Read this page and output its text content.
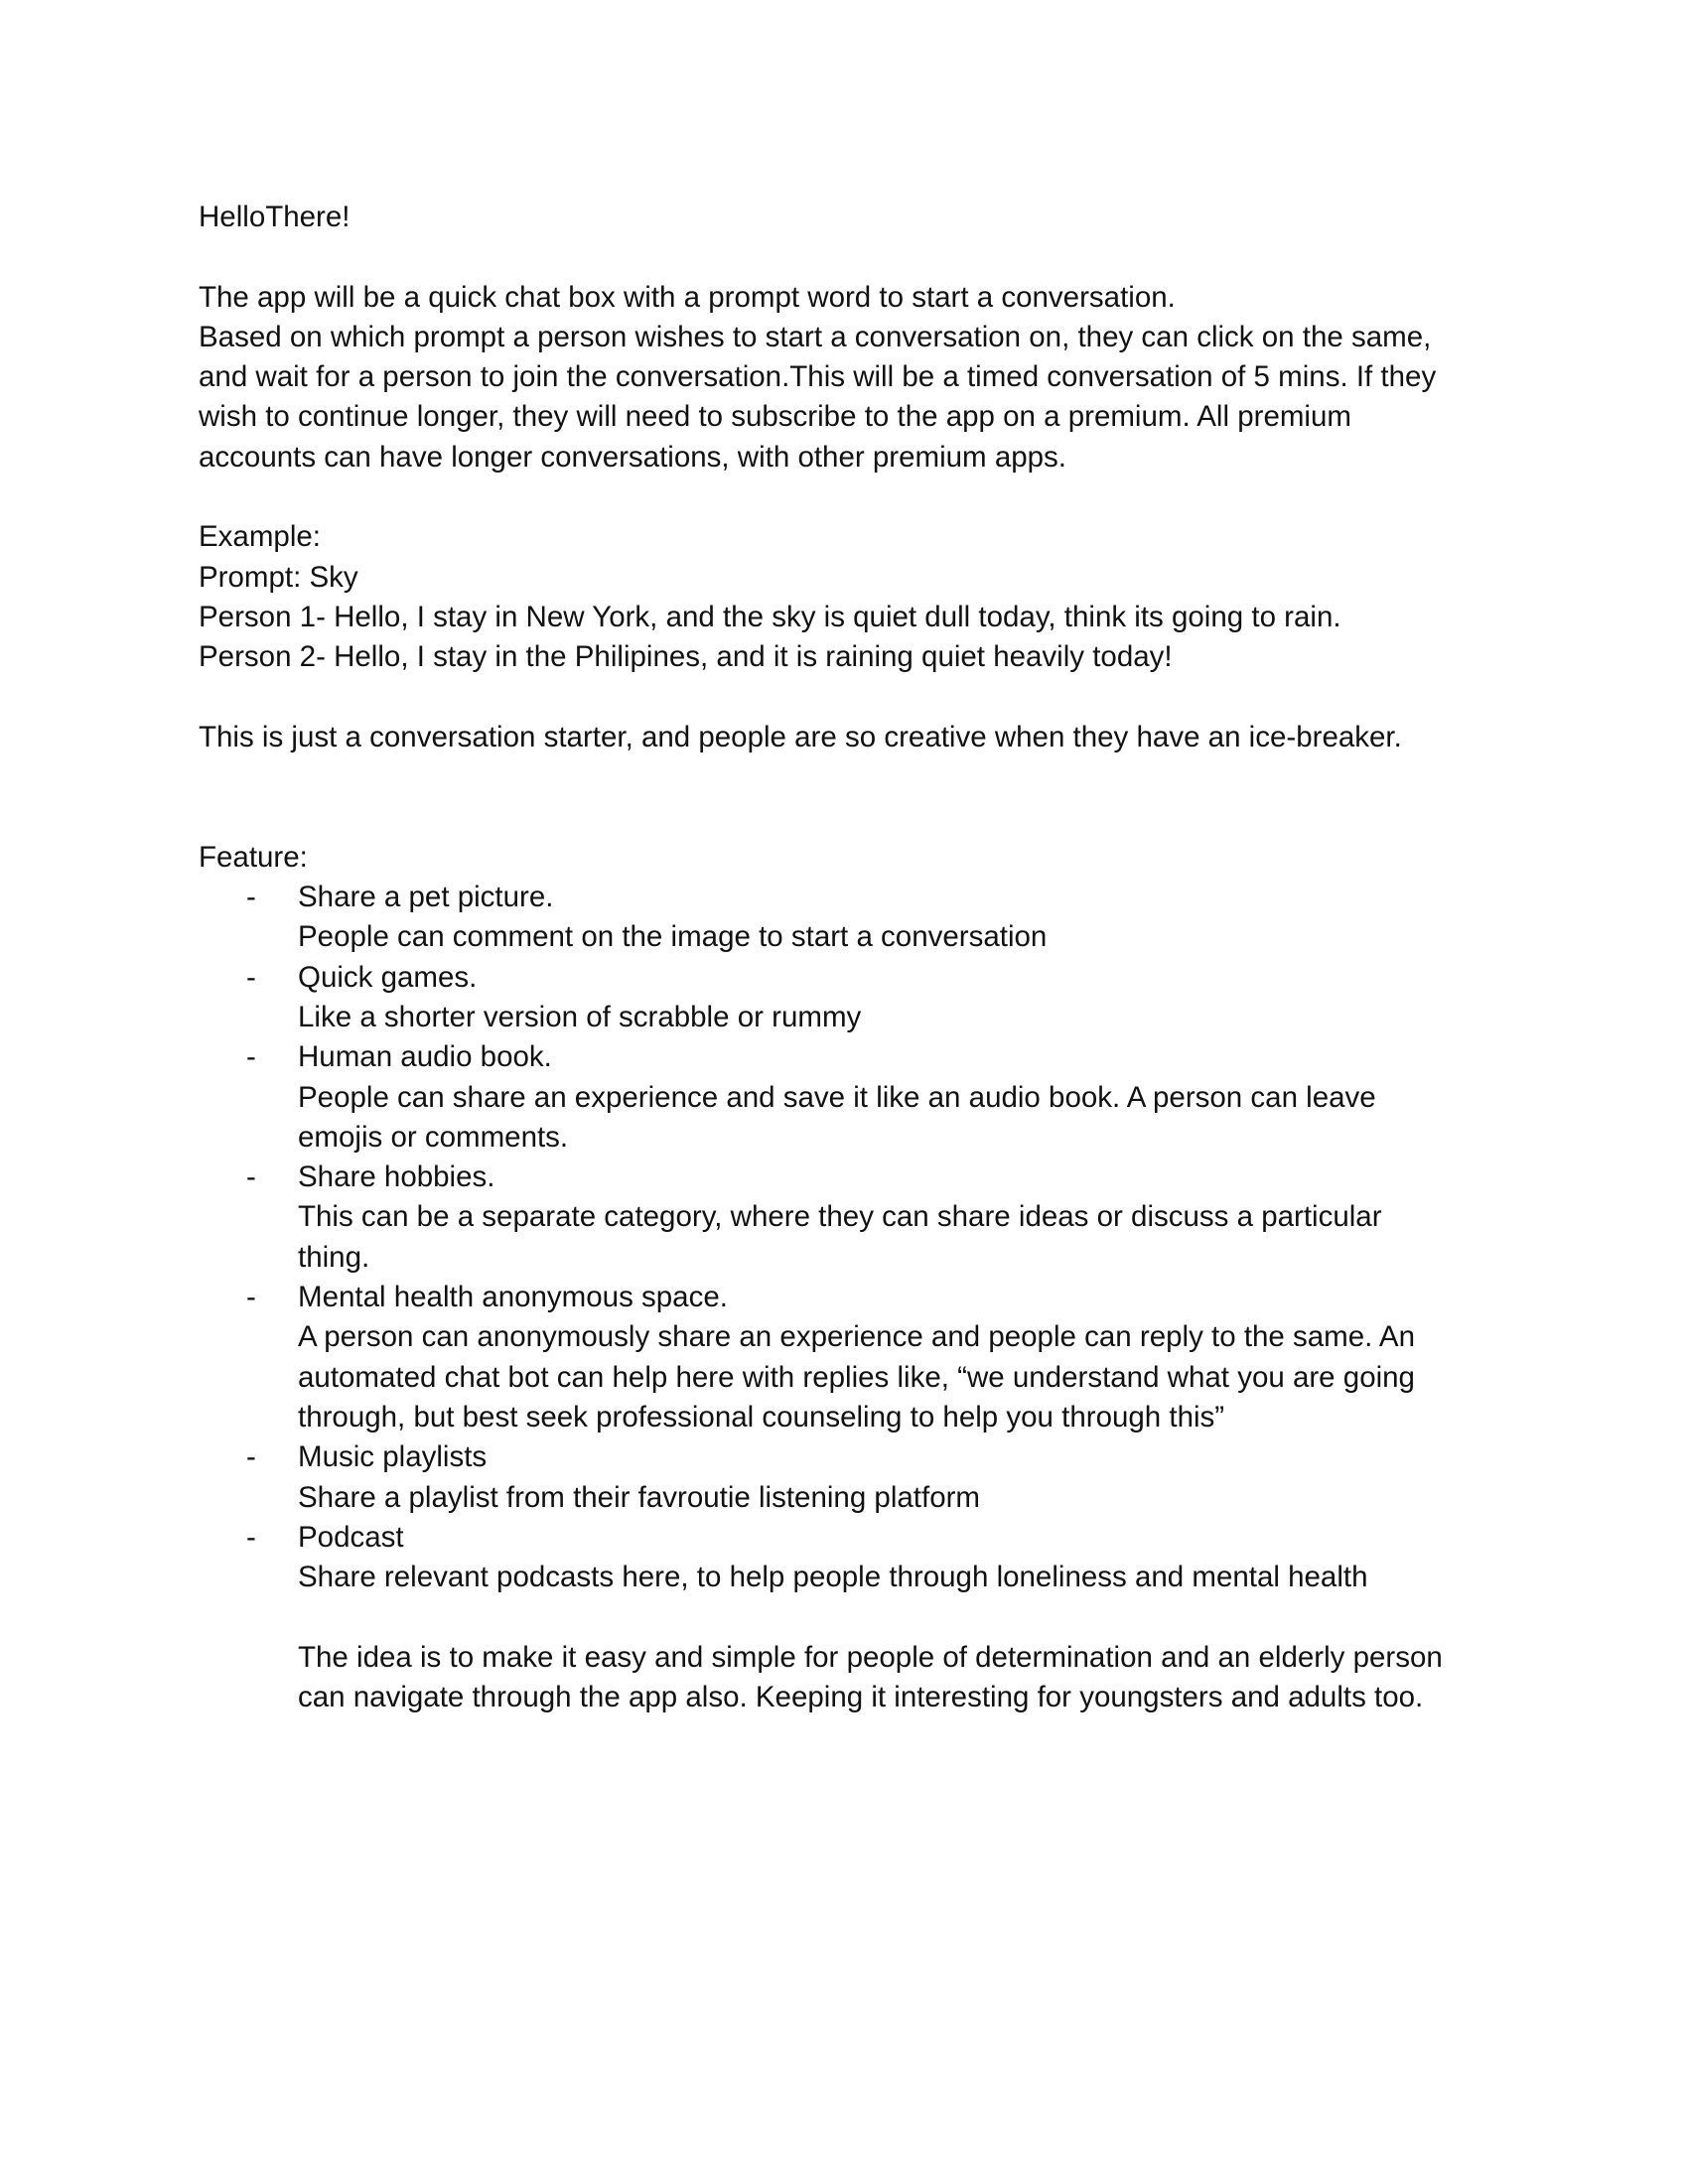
HelloThere!
The app will be a quick chat box with a prompt word to start a conversation.
Based on which prompt a person wishes to start a conversation on, they can click on the same,
and wait for a person to join the conversation.This will be a timed conversation of 5 mins. If they
wish to continue longer, they will need to subscribe to the app on a premium. All premium
accounts can have longer conversations, with other premium apps.
Example:
Prompt: Sky
Person 1- Hello, I stay in New York, and the sky is quiet dull today, think its going to rain.
Person 2- Hello, I stay in the Philipines, and it is raining quiet heavily today!
This is just a conversation starter, and people are so creative when they have an ice-breaker.
Feature:
- Share a pet picture.
People can comment on the image to start a conversation
- Quick games.
Like a shorter version of scrabble or rummy
- Human audio book.
People can share an experience and save it like an audio book. A person can leave
emojis or comments.
- Share hobbies.
This can be a separate category, where they can share ideas or discuss a particular
thing.
- Mental health anonymous space.
A person can anonymously share an experience and people can reply to the same. An
automated chat bot can help here with replies like, “we understand what you are going
through, but best seek professional counseling to help you through this”
- Music playlists
Share a playlist from their favroutie listening platform
- Podcast
Share relevant podcasts here, to help people through loneliness and mental health
The idea is to make it easy and simple for people of determination and an elderly person
can navigate through the app also. Keeping it interesting for youngsters and adults too.
